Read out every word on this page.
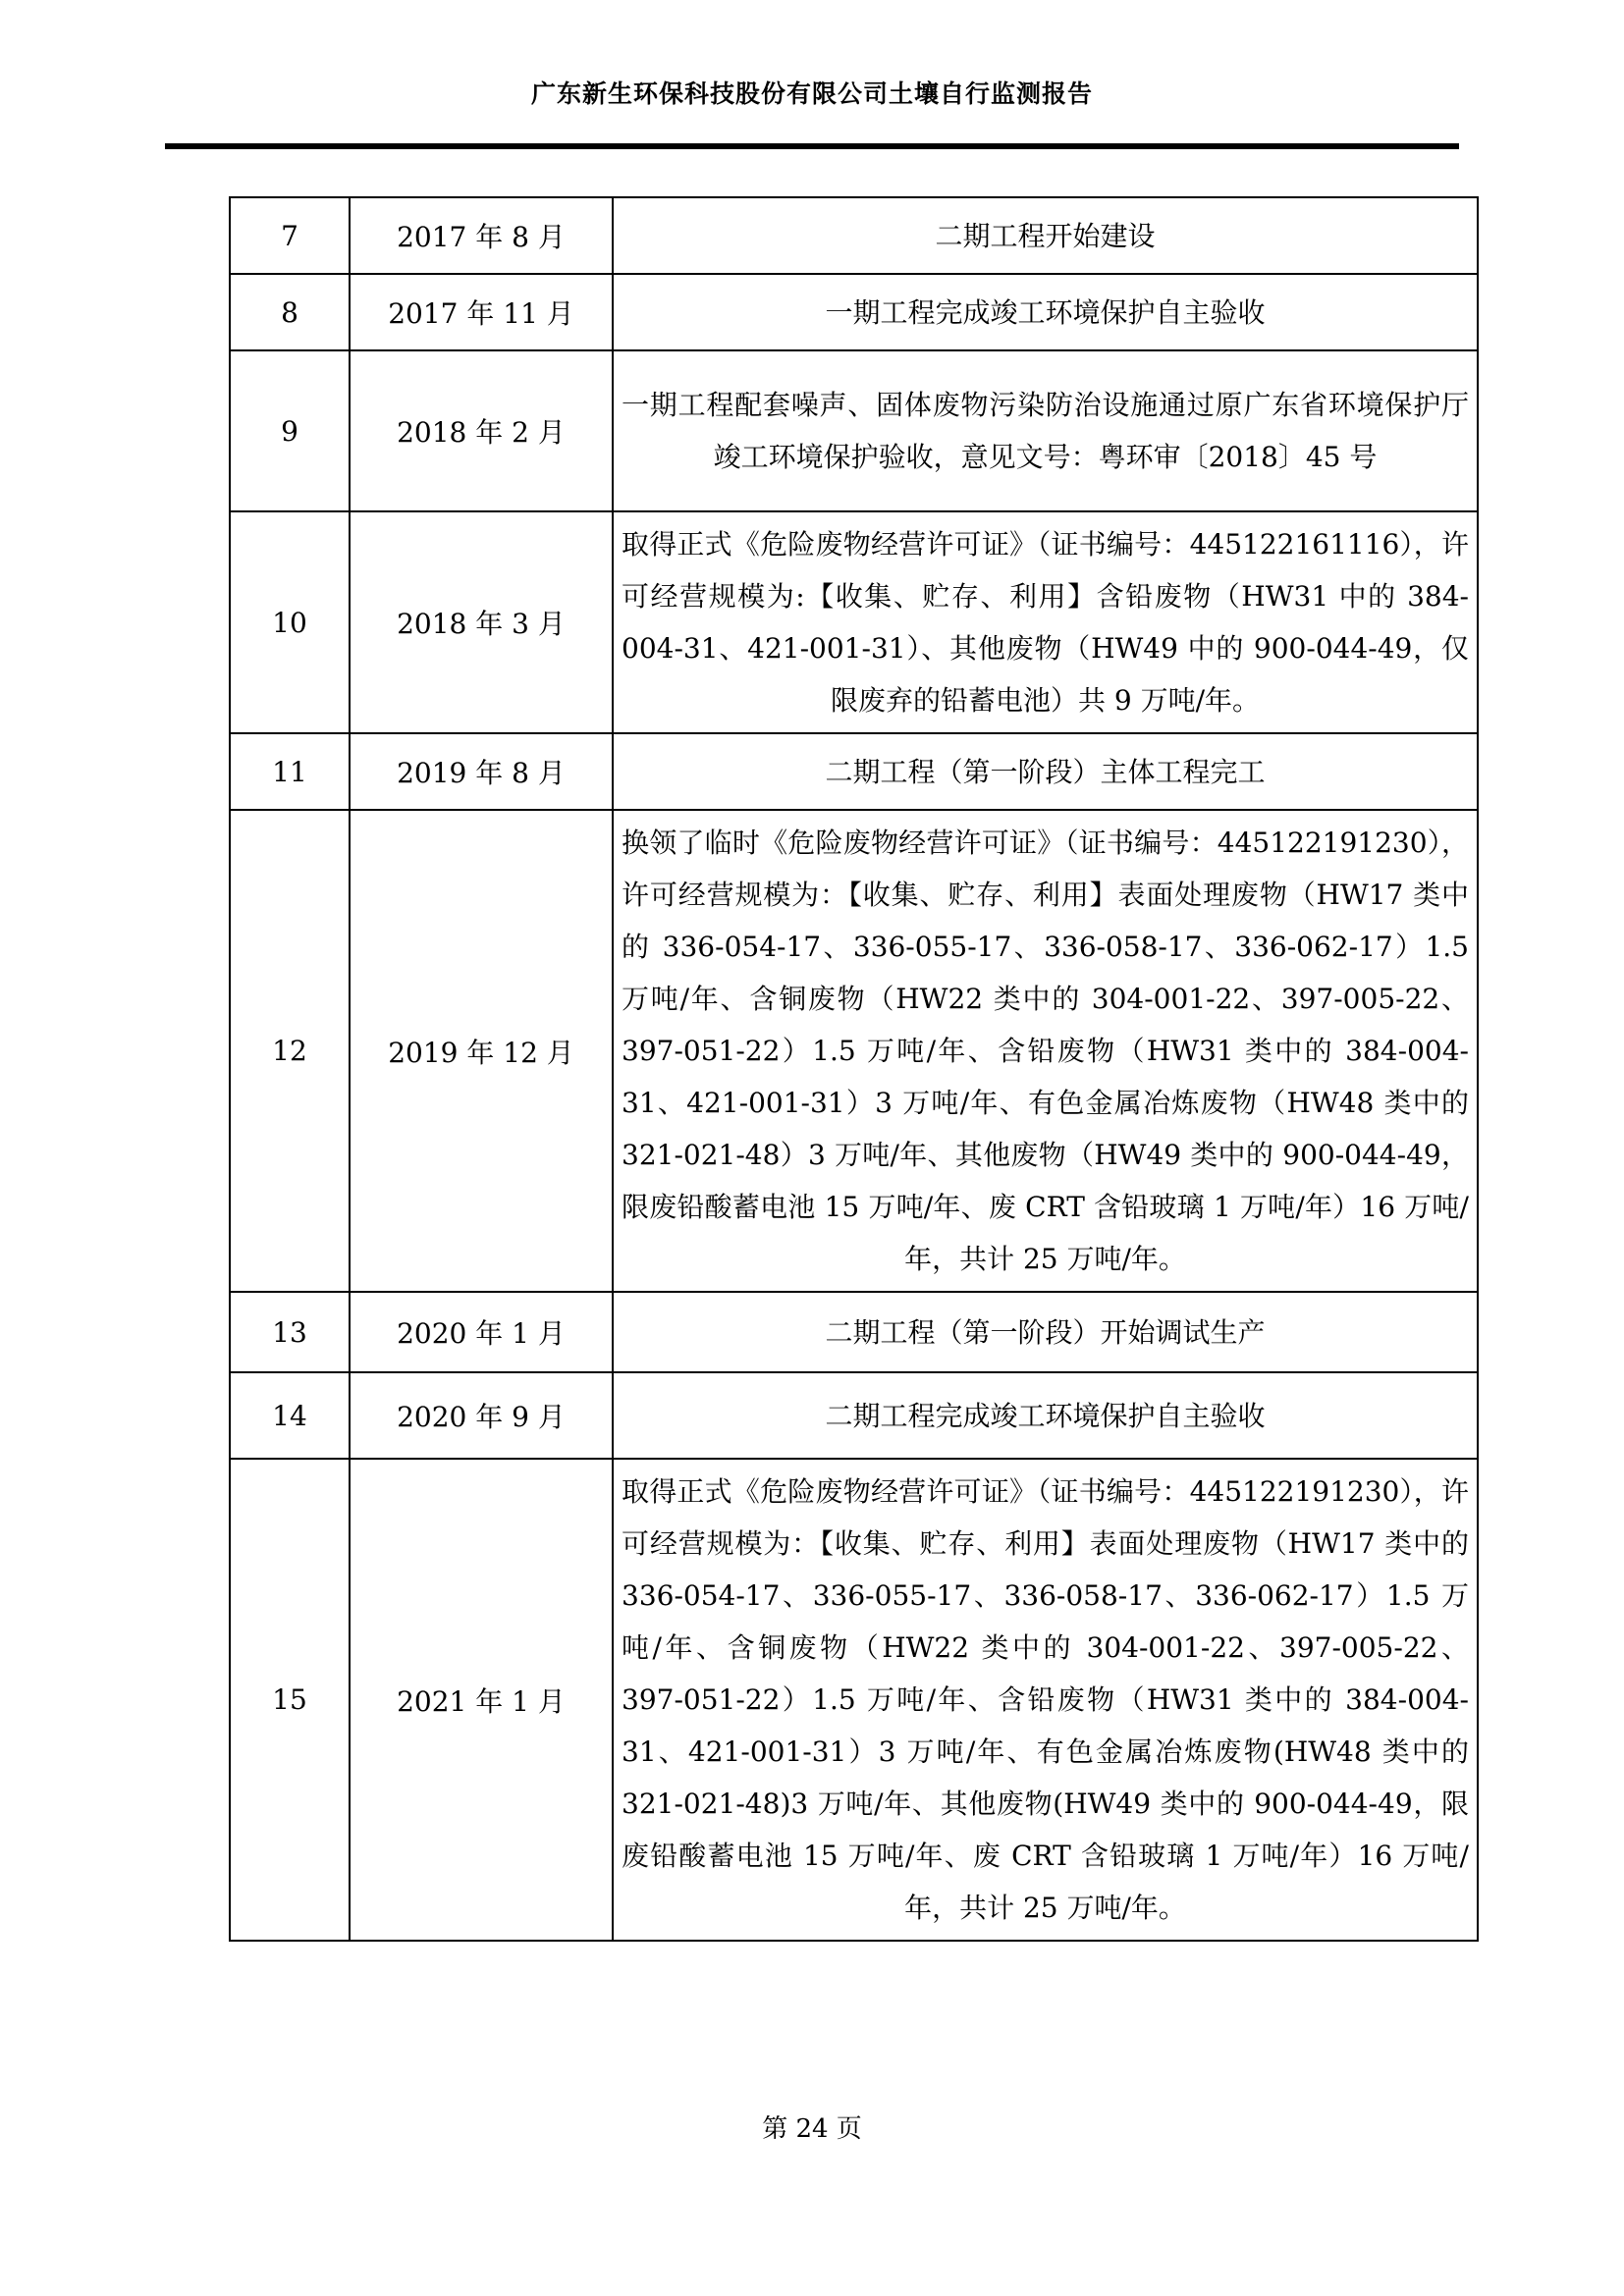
广东新生环保科技股份有限公司土壤自行监测报告
7	2017 年 8 月	二期工程开始建设
8	2017 年 11 月	一期工程完成竣工环境保护自主验收
9	2018 年 2 月	一期工程配套噪声、固体废物污染防治设施通过原广东省环境保护厅竣工环境保护验收，意见文号：粤环审〔2018〕45 号
10	2018 年 3 月	取得正式《危险废物经营许可证》（证书编号：445122161116），许可经营规模为:【收集、贮存、利用】含铅废物（HW31 中的 384-004-31、421-001-31）、其他废物（HW49 中的 900-044-49，仅限废弃的铅蓄电池）共 9 万吨/年。
11	2019 年 8 月	二期工程（第一阶段）主体工程完工
12	2019 年 12 月	换领了临时《危险废物经营许可证》（证书编号：445122191230），许可经营规模为：【收集、贮存、利用】表面处理废物（HW17 类中的 336-054-17、336-055-17、336-058-17、336-062-17）1.5 万吨/年、含铜废物（HW22 类中的 304-001-22、397-005-22、397-051-22）1.5 万吨/年、含铅废物（HW31 类中的 384-004-31、421-001-31）3 万吨/年、有色金属冶炼废物（HW48 类中的 321-021-48）3 万吨/年、其他废物（HW49 类中的 900-044-49，限废铅酸蓄电池 15 万吨/年、废 CRT 含铅玻璃 1 万吨/年）16 万吨/年，共计 25 万吨/年。
13	2020 年 1 月	二期工程（第一阶段）开始调试生产
14	2020 年 9 月	二期工程完成竣工环境保护自主验收
15	2021 年 1 月	取得正式《危险废物经营许可证》（证书编号：445122191230），许可经营规模为：【收集、贮存、利用】表面处理废物（HW17 类中的 336-054-17、336-055-17、336-058-17、336-062-17）1.5 万吨/年、含铜废物（HW22 类中的 304-001-22、397-005-22、397-051-22）1.5 万吨/年、含铅废物（HW31 类中的 384-004-31、421-001-31）3 万吨/年、有色金属冶炼废物(HW48 类中的 321-021-48)3 万吨/年、其他废物(HW49 类中的 900-044-49，限废铅酸蓄电池 15 万吨/年、废 CRT 含铅玻璃 1 万吨/年）16 万吨/年，共计 25 万吨/年。
第 24 页
